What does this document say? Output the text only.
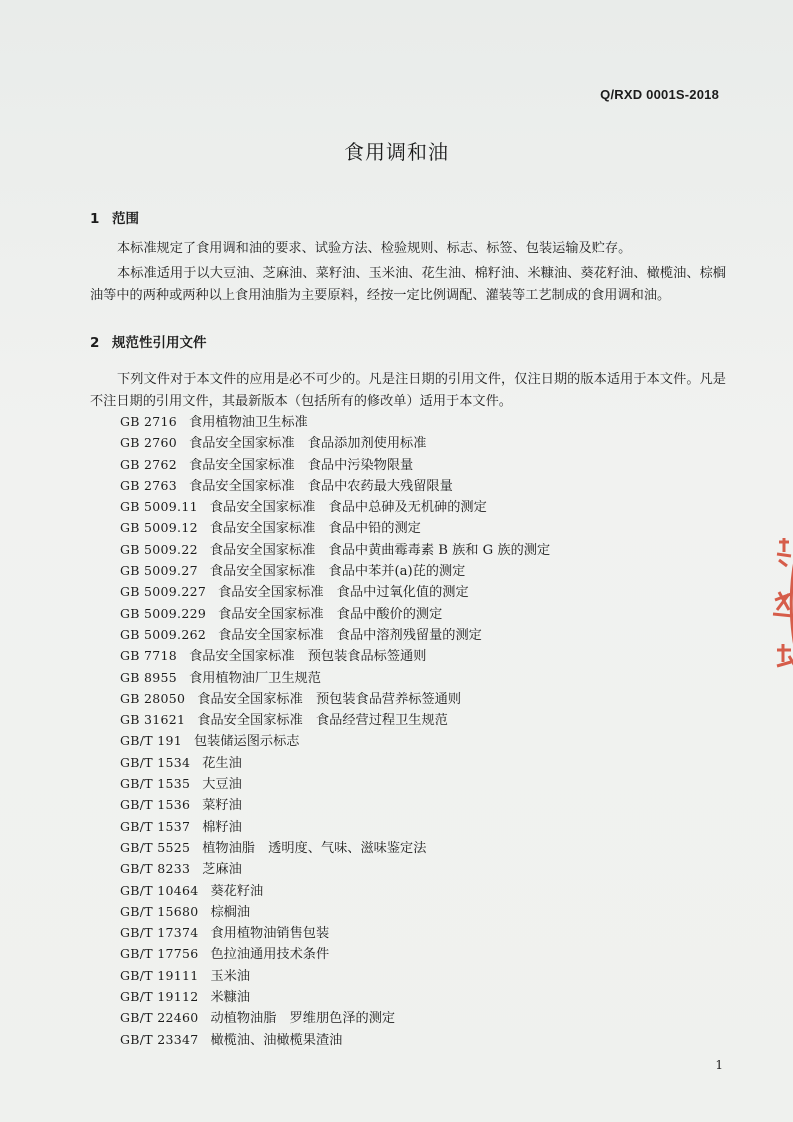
Q/RXD 0001S-2018
食用调和油
1 范围
本标准规定了食用调和油的要求、试验方法、检验规则、标志、标签、包装运输及贮存。
本标准适用于以大豆油、芝麻油、菜籽油、玉米油、花生油、棉籽油、米糠油、葵花籽油、橄榄油、棕榈油等中的两种或两种以上食用油脂为主要原料，经按一定比例调配、灌装等工艺制成的食用调和油。
2 规范性引用文件
下列文件对于本文件的应用是必不可少的。凡是注日期的引用文件，仅注日期的版本适用于本文件。凡是不注日期的引用文件，其最新版本（包括所有的修改单）适用于本文件。
GB 2716 食用植物油卫生标准
GB 2760 食品安全国家标准　食品添加剂使用标准
GB 2762 食品安全国家标准　食品中污染物限量
GB 2763 食品安全国家标准　食品中农药最大残留限量
GB 5009.11 食品安全国家标准　食品中总砷及无机砷的测定
GB 5009.12 食品安全国家标准　食品中铅的测定
GB 5009.22 食品安全国家标准　食品中黄曲霉毒素 B 族和 G 族的测定
GB 5009.27 食品安全国家标准　食品中苯并(a)芘的测定
GB 5009.227 食品安全国家标准　食品中过氧化值的测定
GB 5009.229 食品安全国家标准　食品中酸价的测定
GB 5009.262 食品安全国家标准　食品中溶剂残留量的测定
GB 7718 食品安全国家标准　预包装食品标签通则
GB 8955 食用植物油厂卫生规范
GB 28050 食品安全国家标准　预包装食品营养标签通则
GB 31621 食品安全国家标准　食品经营过程卫生规范
GB/T 191 包装储运图示标志
GB/T 1534 花生油
GB/T 1535 大豆油
GB/T 1536 菜籽油
GB/T 1537 棉籽油
GB/T 5525 植物油脂　透明度、气味、滋味鉴定法
GB/T 8233 芝麻油
GB/T 10464 葵花籽油
GB/T 15680 棕榈油
GB/T 17374 食用植物油销售包装
GB/T 17756 色拉油通用技术条件
GB/T 19111 玉米油
GB/T 19112 米糠油
GB/T 22460 动植物油脂　罗维朋色泽的测定
GB/T 23347 橄榄油、油橄榄果渣油
1
